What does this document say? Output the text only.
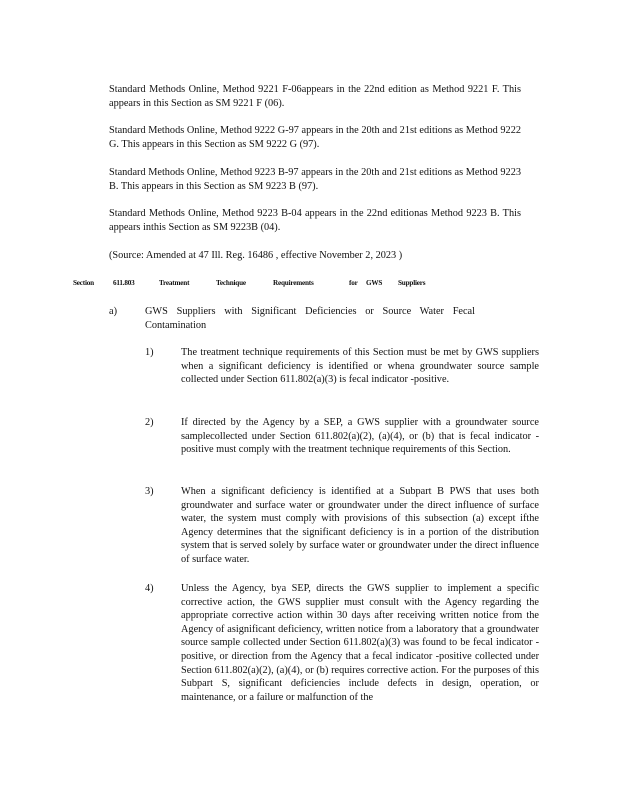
Standard Methods Online, Method 9221 F-06appears in the 22nd edition as Method 9221 F. This appears in this Section as SM 9221 F (06).

Standard Methods Online, Method 9222 G-97 appears in the 20th and 21st editions as Method 9222 G. This appears in this Section as SM 9222 G (97).

Standard Methods Online, Method 9223 B-97 appears in the 20th and 21st editions as Method 9223 B. This appears in this Section as SM 9223 B (97).

Standard Methods Online, Method 9223 B-04 appears in the 22nd editionas Method 9223 B. This appears inthis Section as SM 9223B (04).

(Source: Amended at 47 Ill. Reg. 16486 , effective November 2, 2023 )

Section	611.803	Treatment	Technique	Requirements	for GWS Suppliers
a)	GWS Suppliers with Significant Deficiencies or Source Water Fecal Contamination

1)	The treatment technique requirements of this Section must be met by GWS suppliers when a significant deficiency is identified or whena groundwater source sample collected under Section 611.802(a)(3) is fecal indicator -positive.

2)	If directed by the Agency by a SEP, a GWS supplier with a groundwater source samplecollected under Section 611.802(a)(2), (a)(4), or (b) that is fecal indicator -positive must comply with the treatment technique requirements of this Section.

3)	When a significant deficiency is identified at a Subpart B PWS that uses both groundwater and surface water or groundwater under the direct influence of surface water, the system must comply with provisions of this subsection (a) except ifthe Agency determines that the significant deficiency is in a portion of the distribution system that is served solely by surface water or groundwater under the direct influence of surface water.

4)	Unless the Agency, bya SEP, directs the GWS supplier to implement a specific corrective action, the GWS supplier must consult with the Agency regarding the appropriate corrective action within 30 days after receiving written notice from the Agency of asignificant deficiency, written notice from a laboratory that a groundwater source sample collected under Section 611.802(a)(3) was found to be fecal indicator -positive, or direction from the Agency that a fecal indicator -positive collected under Section 611.802(a)(2), (a)(4), or (b) requires corrective action. For the purposes of this Subpart S, significant deficiencies include defects in design, operation, or maintenance, or a failure or malfunction of the
